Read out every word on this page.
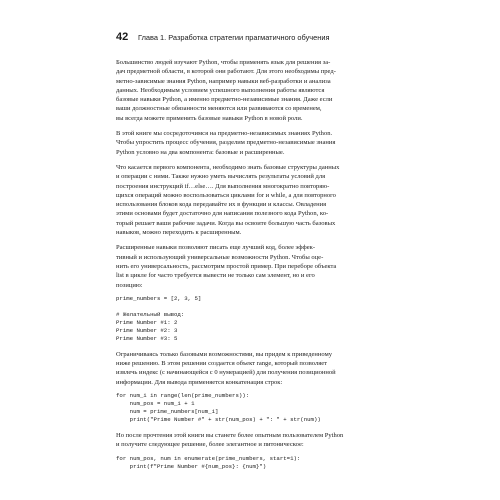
42 Глава 1. Разработка стратегии прагматичного обучения

Большинство людей изучают Python, чтобы применять язык для решения за-
дач предметной области, в которой они работают. Для этого необходимы пред-
метно-зависимые знания Python, например навыки веб-разработки и анализа
данных. Необходимым условием успешного выполнения работы являются
базовые навыки Python, а именно предметно-независимые знания. Даже если
ваши должностные обязанности меняются или развиваются со временем,
вы всегда можете применить базовые навыки Python в новой роли.

В этой книге мы сосредоточимся на предметно-независимых знаниях Python.
Чтобы упростить процесс обучения, разделим предметно-независимые знания
Python условно на два компонента: базовые и расширенные.

Что касается первого компонента, необходимо знать базовые структуры данных
и операции с ними. Также нужно уметь вычислять результаты условий для
построения инструкций if…else…. Для выполнения многократно повторяю-
щихся операций можно воспользоваться циклами for и while, а для повторного
использования блоков кода передавайте их в функции и классы. Овладения
этими основами будет достаточно для написания полезного кода Python, ко-
торый решает ваши рабочие задачи. Когда вы освоите большую часть базовых
навыков, можно переходить к расширенным.

Расширенные навыки позволяют писать еще лучший код, более эффек-
тивный и использующий универсальные возможности Python. Чтобы оце-
нить его универсальность, рассмотрим простой пример. При переборе объекта
list в цикле for часто требуется вывести не только сам элемент, но и его
позицию:

prime_numbers = [2, 3, 5]

# Желательный вывод:
Prime Number #1: 2
Prime Number #2: 3
Prime Number #3: 5

Ограничиваясь только базовыми возможностями, вы придем к приведенному
ниже решению. В этом решении создается объект range, который позволяет
извлечь индекс (с начинающейся с 0 нумерацией) для получения позиционной
информации. Для вывода применяется конкатенация строк:

for num_i in range(len(prime_numbers)):
num_pos = num_i + 1
num = prime_numbers[num_i]
print("Prime Number #" + str(num_pos) + ": " + str(num))

Но после прочтения этой книги вы станете более опытным пользователем Python
и получите следующее решение, более элегантное и питоническое:

for num_pos, num in enumerate(prime_numbers, start=1):
print(f"Prime Number #{num_pos}: {num}")
